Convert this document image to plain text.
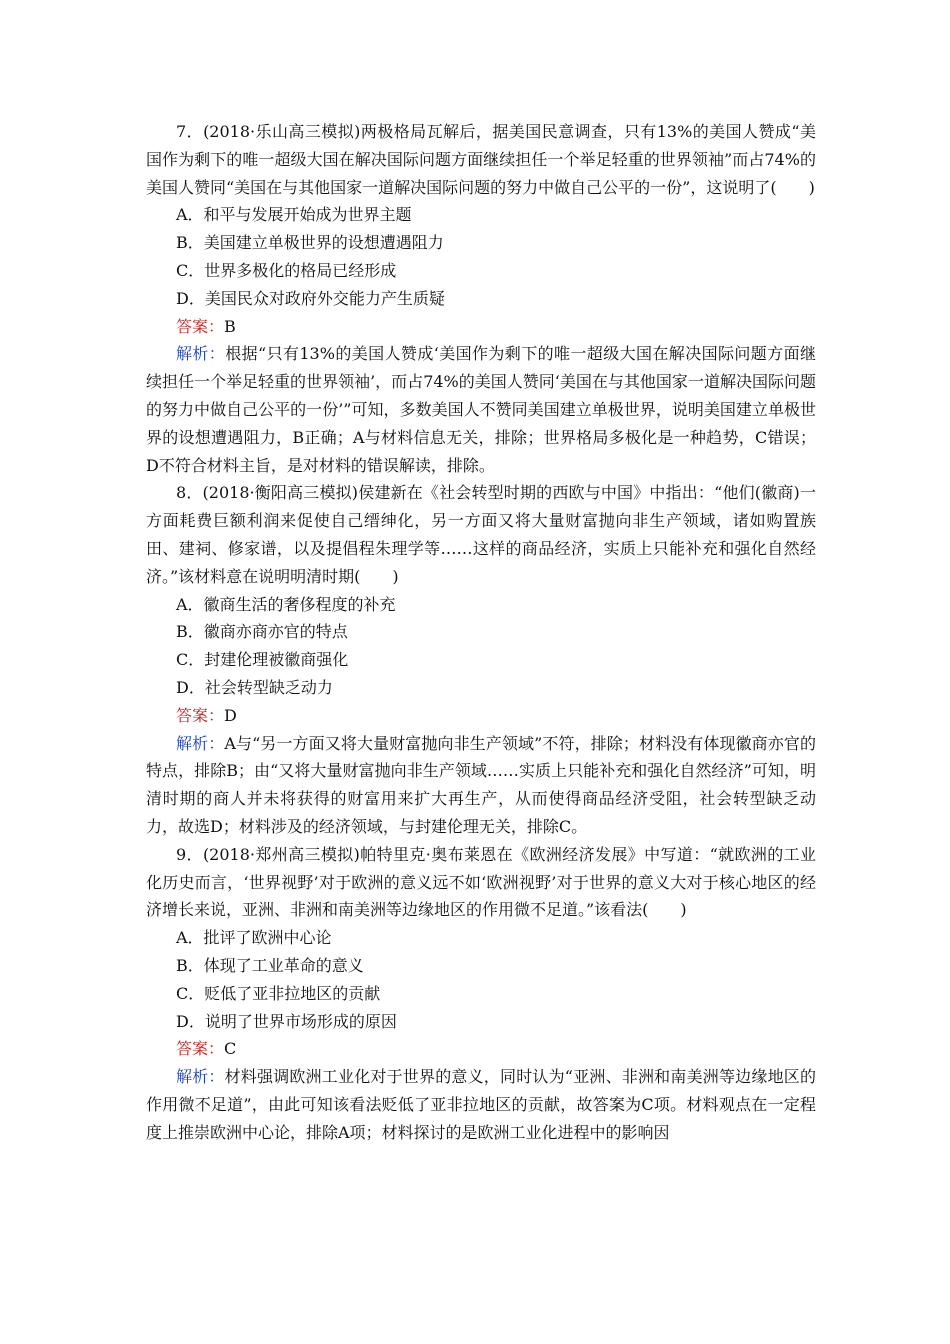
7．(2018·乐山高三模拟)两极格局瓦解后，据美国民意调查，只有13%的美国人赞成“美国作为剩下的唯一超级大国在解决国际问题方面继续担任一个举足轻重的世界领袖”而占74%的美国人赞同“美国在与其他国家一道解决国际问题的努力中做自己公平的一份”，这说明了(　　)

A．和平与发展开始成为世界主题

B．美国建立单极世界的设想遭遇阻力

C．世界多极化的格局已经形成

D．美国民众对政府外交能力产生质疑

答案：B

解析：根据“只有13%的美国人赞成‘美国作为剩下的唯一超级大国在解决国际问题方面继续担任一个举足轻重的世界领袖’，而占74%的美国人赞同‘美国在与其他国家一道解决国际问题的努力中做自己公平的一份’”可知，多数美国人不赞同美国建立单极世界，说明美国建立单极世界的设想遭遇阻力，B正确；A与材料信息无关，排除；世界格局多极化是一种趋势，C错误；D不符合材料主旨，是对材料的错误解读，排除。

8．(2018·衡阳高三模拟)侯建新在《社会转型时期的西欧与中国》中指出：“他们(徽商)一方面耗费巨额利润来促使自己缙绅化，另一方面又将大量财富抛向非生产领域，诸如购置族田、建祠、修家谱，以及提倡程朱理学等……这样的商品经济，实质上只能补充和强化自然经济。”该材料意在说明明清时期(　　)

A．徽商生活的奢侈程度的补充

B．徽商亦商亦官的特点

C．封建伦理被徽商强化

D．社会转型缺乏动力

答案：D

解析：A与“另一方面又将大量财富抛向非生产领域”不符，排除；材料没有体现徽商亦官的特点，排除B；由“又将大量财富抛向非生产领域……实质上只能补充和强化自然经济”可知，明清时期的商人并未将获得的财富用来扩大再生产，从而使得商品经济受阻，社会转型缺乏动力，故选D；材料涉及的经济领域，与封建伦理无关，排除C。

9．(2018·郑州高三模拟)帕特里克·奥布莱恩在《欧洲经济发展》中写道：“就欧洲的工业化历史而言，‘世界视野’对于欧洲的意义远不如‘欧洲视野’对于世界的意义大对于核心地区的经济增长来说，亚洲、非洲和南美洲等边缘地区的作用微不足道。”该看法(　　)

A．批评了欧洲中心论

B．体现了工业革命的意义

C．贬低了亚非拉地区的贡献

D．说明了世界市场形成的原因

答案：C

解析：材料强调欧洲工业化对于世界的意义，同时认为“亚洲、非洲和南美洲等边缘地区的作用微不足道”，由此可知该看法贬低了亚非拉地区的贡献，故答案为C项。材料观点在一定程度上推崇欧洲中心论，排除A项；材料探讨的是欧洲工业化进程中的影响因
